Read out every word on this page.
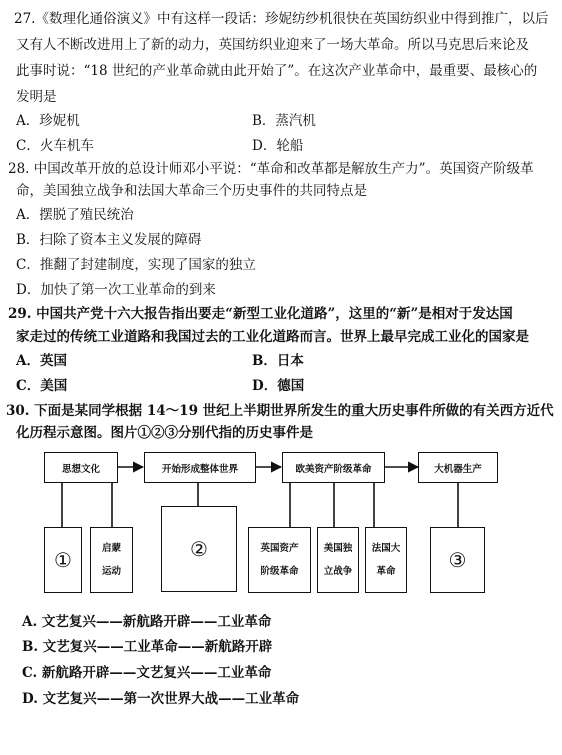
27.《数理化通俗演义》中有这样一段话：珍妮纺纱机很快在英国纺织业中得到推广，以后
又有人不断改进用上了新的动力，英国纺织业迎来了一场大革命。所以马克思后来论及
此事时说：“18 世纪的产业革命就由此开始了”。在这次产业革命中，最重要、最核心的
发明是
A．珍妮机	B．蒸汽机
C．火车机车	D．轮船
28. 中国改革开放的总设计师邓小平说：“革命和改革都是解放生产力”。英国资产阶级革
命，美国独立战争和法国大革命三个历史事件的共同特点是
A．摆脱了殖民统治
B．扫除了资本主义发展的障碍
C．推翻了封建制度，实现了国家的独立
D．加快了第一次工业革命的到来
29. 中国共产党十六大报告指出要走“新型工业化道路”，这里的“新”是相对于发达国
家走过的传统工业道路和我国过去的工业化道路而言。世界上最早完成工业化的国家是
A．英国	B．日本
C．美国	D．德国
30. 下面是某同学根据 14～19 世纪上半期世界所发生的重大历史事件所做的有关西方近代
化历程示意图。图片①②③分别代指的历史事件是
思想文化	开始形成整体世界	欧美资产阶级革命	大机器生产
①	启蒙
运动
②	英国资产
阶级革命
美国独
立战争
法国大
革命	③
A. 文艺复兴——新航路开辟——工业革命
B. 文艺复兴——工业革命——新航路开辟
C. 新航路开辟——文艺复兴——工业革命
D. 文艺复兴——第一次世界大战——工业革命
